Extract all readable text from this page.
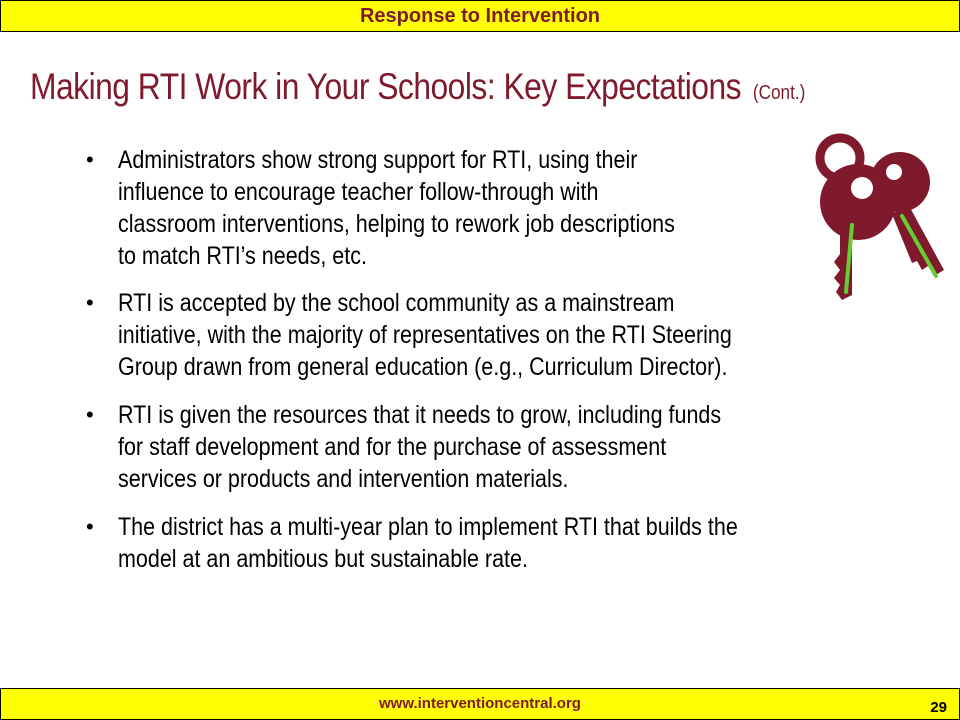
Response to Intervention
Making RTI Work in Your Schools: Key Expectations (Cont.)
• Administrators show strong support for RTI, using their
influence to encourage teacher follow-through with
classroom interventions, helping to rework job descriptions
to match RTI’s needs, etc.
• RTI is accepted by the school community as a mainstream
initiative, with the majority of representatives on the RTI Steering
Group drawn from general education (e.g., Curriculum Director).
• RTI is given the resources that it needs to grow, including funds
for staff development and for the purchase of assessment
services or products and intervention materials.
• The district has a multi-year plan to implement RTI that builds the
model at an ambitious but sustainable rate.
www.interventioncentral.org	29
